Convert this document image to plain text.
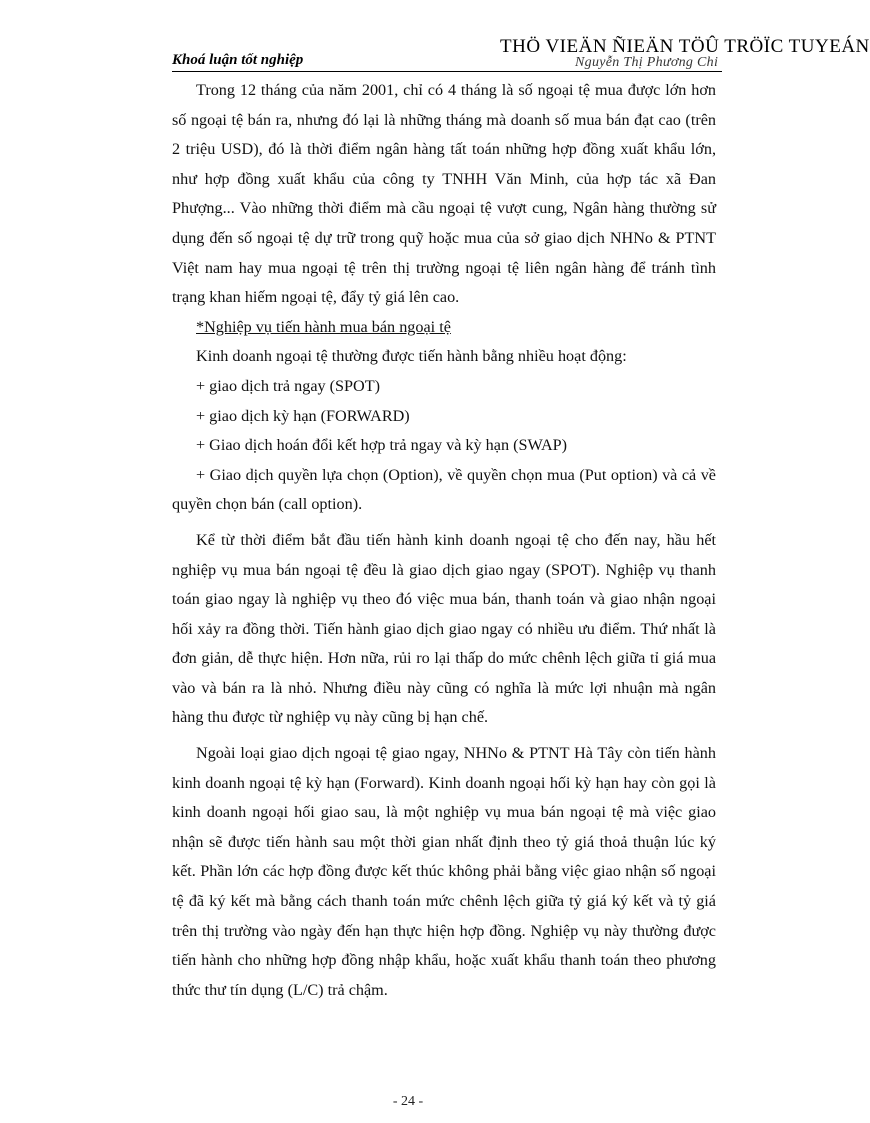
THÖ VIEÄN ÑIEÄN TÖÛ TRÖÏC TUYEÁN
Khoá luận tốt nghiệp	Nguyễn Thị Phương Chi

Trong 12 tháng của năm 2001, chỉ có 4 tháng là số ngoại tệ mua được lớn hơn số ngoại tệ bán ra, nhưng đó lại là những tháng mà doanh số mua bán đạt cao (trên 2 triệu USD), đó là thời điểm ngân hàng tất toán những hợp đồng xuất khẩu lớn, như hợp đồng xuất khẩu của công ty TNHH Văn Minh, của hợp tác xã Đan Phượng... Vào những thời điểm mà cầu ngoại tệ vượt cung, Ngân hàng thường sử dụng đến số ngoại tệ dự trữ trong quỹ hoặc mua của sở giao dịch NHNo & PTNT Việt nam hay mua ngoại tệ trên thị trường ngoại tệ liên ngân hàng để tránh tình trạng khan hiếm ngoại tệ, đẩy tỷ giá lên cao.

*Nghiệp vụ tiến hành mua bán ngoại tệ

Kinh doanh ngoại tệ thường được tiến hành bằng nhiều hoạt động:

+ giao dịch trả ngay (SPOT)

+ giao dịch kỳ hạn (FORWARD)

+ Giao dịch hoán đổi kết hợp trả ngay và kỳ hạn (SWAP)

+ Giao dịch quyền lựa chọn (Option), về quyền chọn mua (Put option) và cả về quyền chọn bán (call option).

Kể từ thời điểm bắt đầu tiến hành kinh doanh ngoại tệ cho đến nay, hầu hết nghiệp vụ mua bán ngoại tệ đều là giao dịch giao ngay (SPOT). Nghiệp vụ thanh toán giao ngay là nghiệp vụ theo đó việc mua bán, thanh toán và giao nhận ngoại hối xảy ra đồng thời. Tiến hành giao dịch giao ngay có nhiều ưu điểm. Thứ nhất là đơn giản, dễ thực hiện. Hơn nữa, rủi ro lại thấp do mức chênh lệch giữa tỉ giá mua vào và bán ra là nhỏ. Nhưng điều này cũng có nghĩa là mức lợi nhuận mà ngân hàng thu được từ nghiệp vụ này cũng bị hạn chế.

Ngoài loại giao dịch ngoại tệ giao ngay, NHNo & PTNT Hà Tây còn tiến hành kinh doanh ngoại tệ kỳ hạn (Forward). Kinh doanh ngoại hối kỳ hạn hay còn gọi là kinh doanh ngoại hối giao sau, là một nghiệp vụ mua bán ngoại tệ mà việc giao nhận sẽ được tiến hành sau một thời gian nhất định theo tỷ giá thoả thuận lúc ký kết. Phần lớn các hợp đồng được kết thúc không phải bằng việc giao nhận số ngoại tệ đã ký kết mà bằng cách thanh toán mức chênh lệch giữa tỷ giá ký kết và tỷ giá trên thị trường vào ngày đến hạn thực hiện hợp đồng. Nghiệp vụ này thường được tiến hành cho những hợp đồng nhập khẩu, hoặc xuất khẩu thanh toán theo phương thức thư tín dụng (L/C) trả chậm.

- 24 -
